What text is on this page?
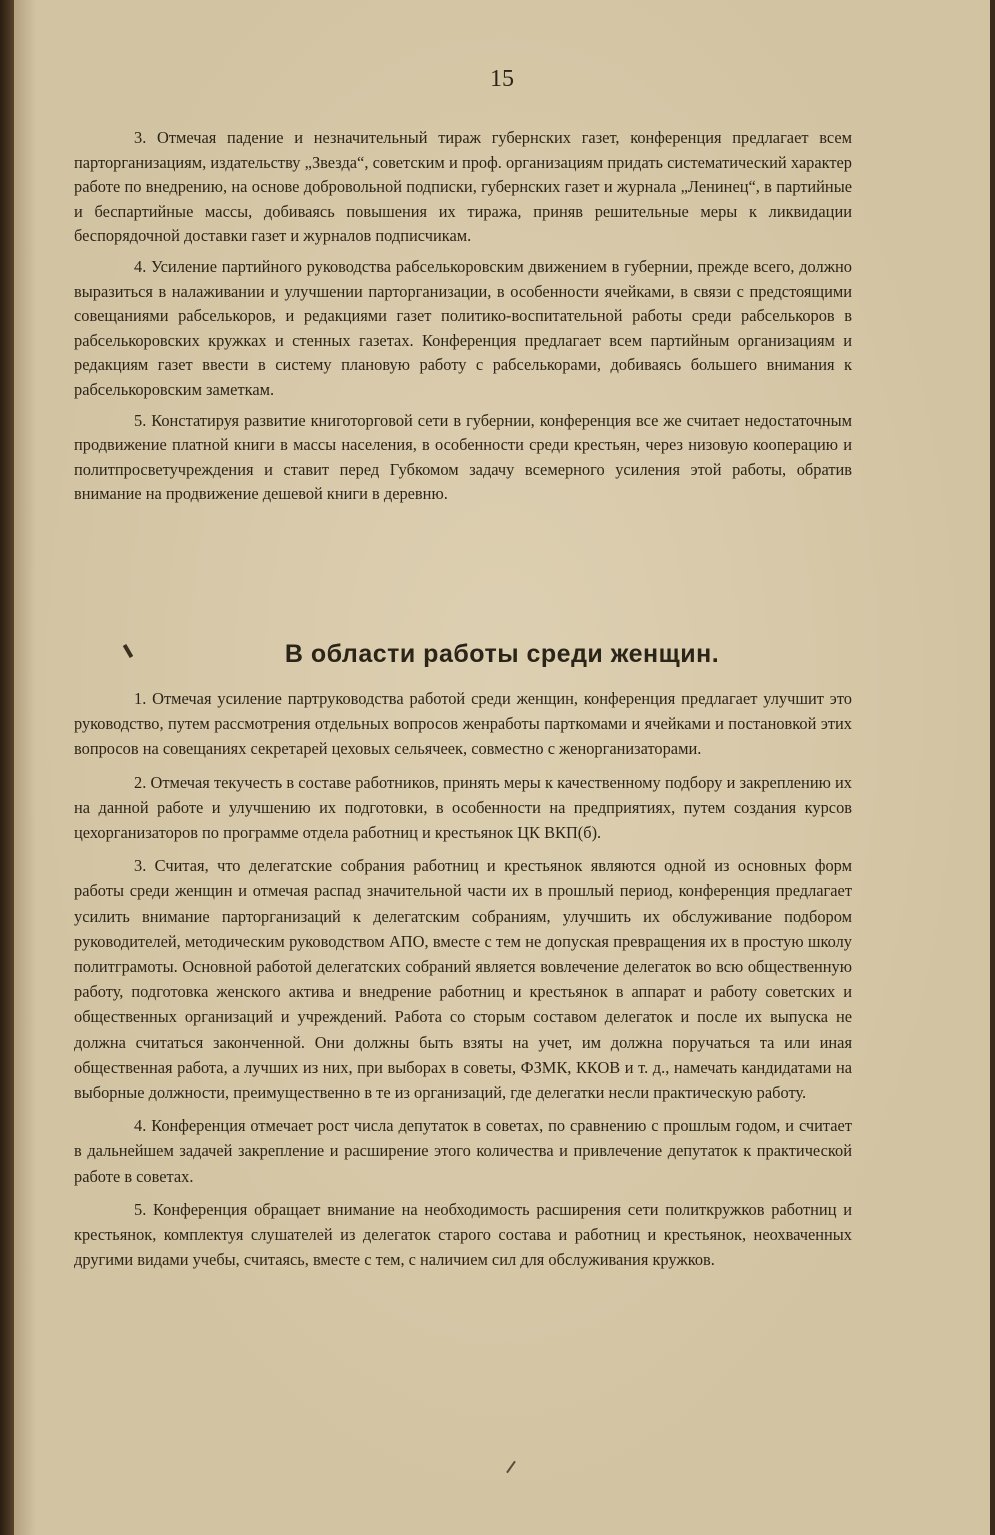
15

3. Отмечая падение и незначительный тираж губернских газет, конференция предлагает всем парторганизациям, издательству „Звезда“, советским и проф. организациям придать систематический характер работе по внедрению, на основе добровольной подписки, губернских газет и журнала „Ленинец“, в партийные и беспартийные массы, добиваясь повышения их тиража, приняв решительные меры к ликвидации беспорядочной доставки газет и журналов подписчикам.

4. Усиление партийного руководства рабселькоровским движением в губернии, прежде всего, должно выразиться в налаживании и улучшении парторганизации, в особенности ячейками, в связи с предстоящими совещаниями рабселькоров, и редакциями газет политико-воспитательной работы среди рабселькоров в рабселькоровских кружках и стенных газетах. Конференция предлагает всем партийным организациям и редакциям газет ввести в систему плановую работу с рабселькорами, добиваясь большего внимания к рабселькоровским заметкам.

5. Констатируя развитие книготорговой сети в губернии, конференция все же считает недостаточным продвижение платной книги в массы населения, в особенности среди крестьян, через низовую кооперацию и политпросветучреждения и ставит перед Губкомом задачу всемерного усиления этой работы, обратив внимание на продвижение дешевой книги в деревню.

В области работы среди женщин.

1. Отмечая усиление партруководства работой среди женщин, конференция предлагает улучшит это руководство, путем рассмотрения отдельных вопросов женработы парткомами и ячейками и постановкой этих вопросов на совещаниях секретарей цеховых сельячеек, совместно с женорганизаторами.

2. Отмечая текучесть в составе работников, принять меры к качественному подбору и закреплению их на данной работе и улучшению их подготовки, в особенности на предприятиях, путем создания курсов цехорганизаторов по программе отдела работниц и крестьянок ЦК ВКП(б).

3. Считая, что делегатские собрания работниц и крестьянок являются одной из основных форм работы среди женщин и отмечая распад значительной части их в прошлый период, конференция предлагает усилить внимание парторганизаций к делегатским собраниям, улучшить их обслуживание подбором руководителей, методическим руководством АПО, вместе с тем не допуская превращения их в простую школу политграмоты. Основной работой делегатских собраний является вовлечение делегаток во всю общественную работу, подготовка женского актива и внедрение работниц и крестьянок в аппарат и работу советских и общественных организаций и учреждений. Работа со сторым составом делегаток и после их выпуска не должна считаться законченной. Они должны быть взяты на учет, им должна поручаться та или иная общественная работа, а лучших из них, при выборах в советы, ФЗМК, ККОВ и т. д., намечать кандидатами на выборные должности, преимущественно в те из организаций, где делегатки несли практическую работу.

4. Конференция отмечает рост числа депутаток в советах, по сравнению с прошлым годом, и считает в дальнейшем задачей закрепление и расширение этого количества и привлечение депутаток к практической работе в советах.

5. Конференция обращает внимание на необходимость расширения сети политкружков работниц и крестьянок, комплектуя слушателей из делегаток старого состава и работниц и крестьянок, неохваченных другими видами учебы, считаясь, вместе с тем, с наличием сил для обслуживания кружков.
